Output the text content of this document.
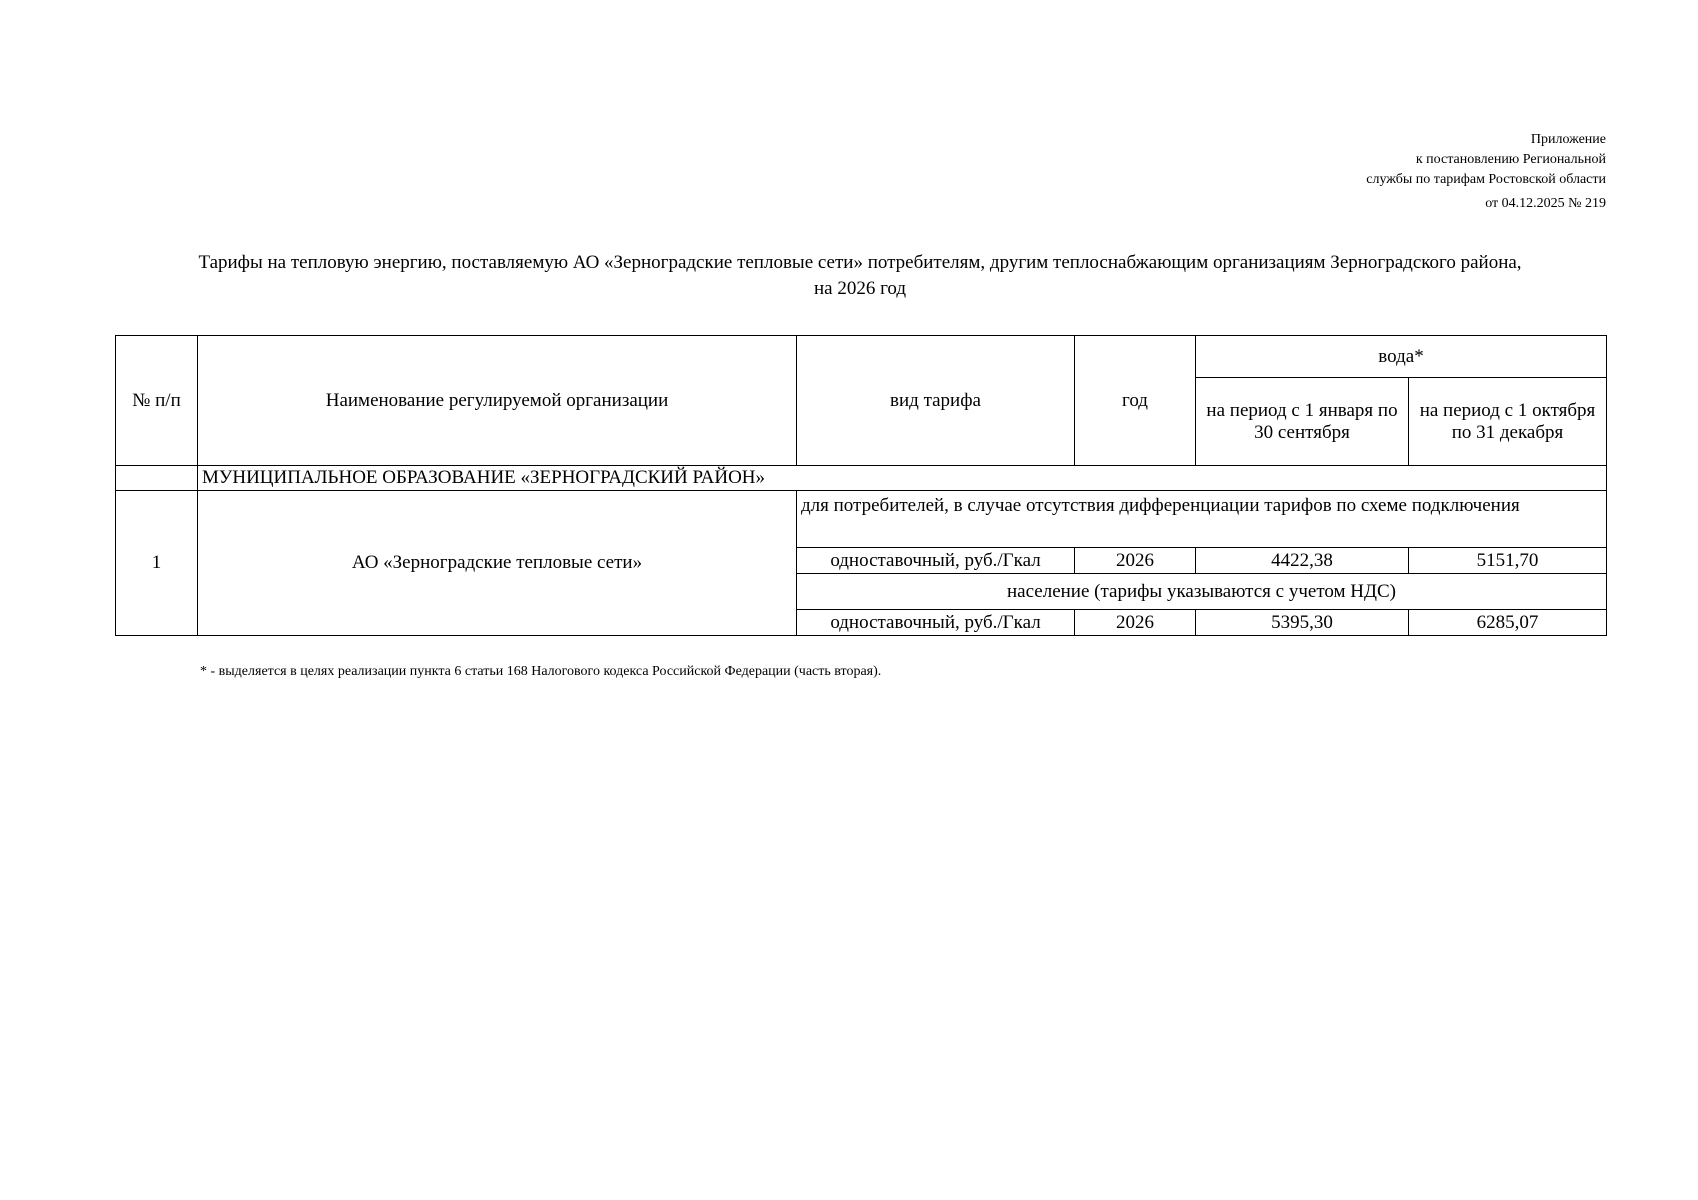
Приложение
к постановлению Региональной
службы по тарифам Ростовской области
от 04.12.2025 № 219
Тарифы на тепловую энергию, поставляемую АО «Зерноградские тепловые сети» потребителям, другим теплоснабжающим организациям Зерноградского района,
на 2026 год
№ п/п	Наименование регулируемой организации	вид тарифа	год	вода*	
				на период с 1 января по 30 сентября	на период с 1 октября по 31 декабря
	МУНИЦИПАЛЬНОЕ ОБРАЗОВАНИЕ «ЗЕРНОГРАДСКИЙ РАЙОН»				
1	АО «Зерноградские тепловые сети»	для потребителей, в случае отсутствия дифференциации тарифов по схеме подключения			
		одноставочный, руб./Гкал	2026	4422,38	5151,70
		население (тарифы указываются с учетом НДС)			
		одноставочный, руб./Гкал	2026	5395,30	6285,07
* - выделяется в целях реализации пункта 6 статьи 168 Налогового кодекса Российской Федерации (часть вторая).
